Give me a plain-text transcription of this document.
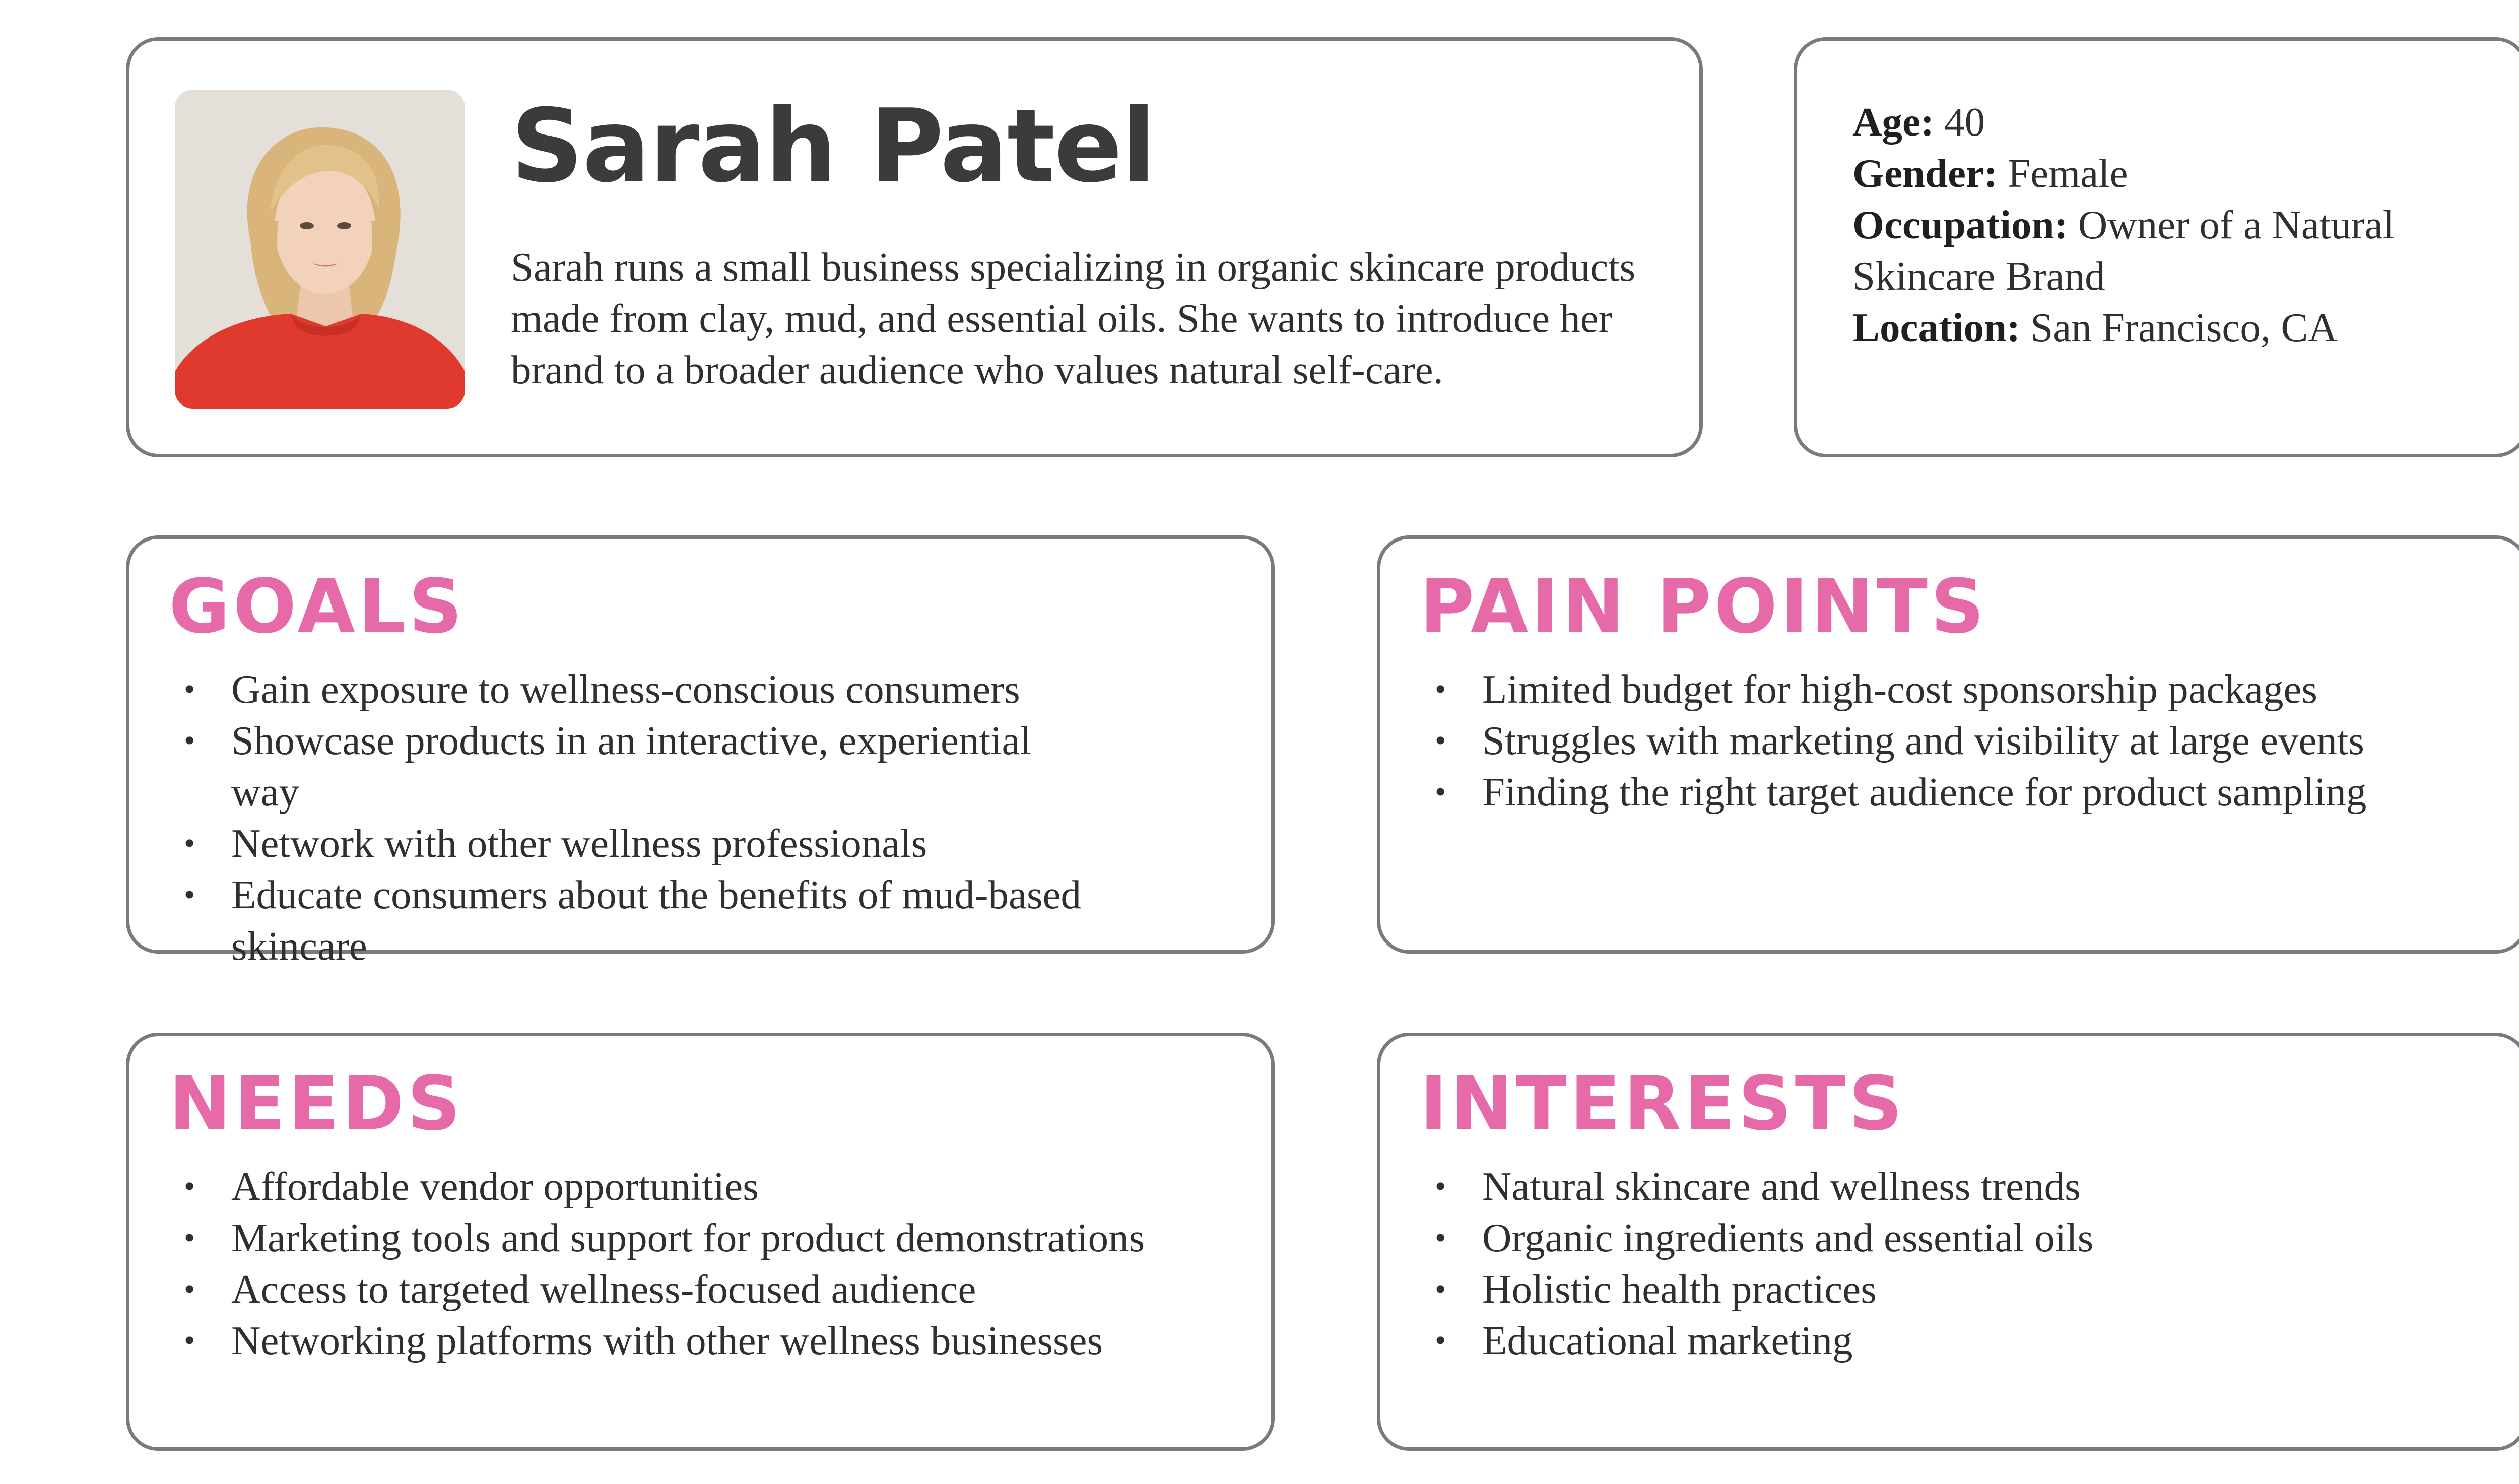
Sarah Patel

Sarah runs a small business specializing in organic skincare products made from clay, mud, and essential oils. She wants to introduce her brand to a broader audience who values natural self-care.

Age: 40
Gender: Female
Occupation: Owner of a Natural Skincare Brand
Location: San Francisco, CA
GOALS
• Gain exposure to wellness-conscious consumers
• Showcase products in an interactive, experiential way
• Network with other wellness professionals
• Educate consumers about the benefits of mud-based skincare
PAIN POINTS
• Limited budget for high-cost sponsorship packages
• Struggles with marketing and visibility at large events
• Finding the right target audience for product sampling
NEEDS
• Affordable vendor opportunities
• Marketing tools and support for product demonstrations
• Access to targeted wellness-focused audience
• Networking platforms with other wellness businesses
INTERESTS
• Natural skincare and wellness trends
• Organic ingredients and essential oils
• Holistic health practices
• Educational marketing
